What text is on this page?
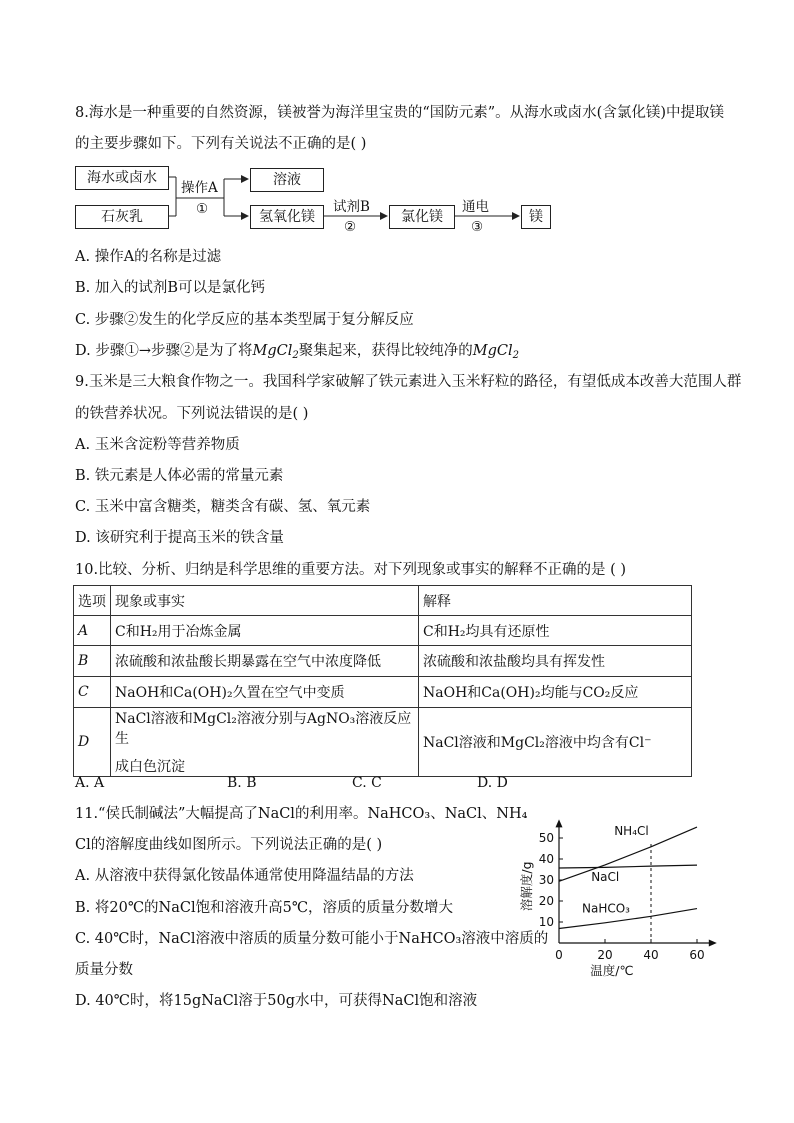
8.海水是一种重要的自然资源，镁被誉为海洋里宝贵的“国防元素”。从海水或卤水(含氯化镁)中提取镁
的主要步骤如下。下列有关说法不正确的是( )
海水或卤水
石灰乳
操作A
①
溶液
氢氧化镁
试剂B
②
氯化镁
通电
③
镁
A. 操作A的名称是过滤
B. 加入的试剂B可以是氯化钙
C. 步骤②发生的化学反应的基本类型属于复分解反应
D. 步骤①→步骤②是为了将MgCl$_2$聚集起来，获得比较纯净的MgCl$_2$
9.玉米是三大粮食作物之一。我国科学家破解了铁元素进入玉米籽粒的路径，有望低成本改善大范围人群
的铁营养状况。下列说法错误的是( )
A. 玉米含淀粉等营养物质
B. 铁元素是人体必需的常量元素
C. 玉米中富含糖类，糖类含有碳、氢、氧元素
D. 该研究利于提高玉米的铁含量
10.比较、分析、归纳是科学思维的重要方法。对下列现象或事实的解释不正确的是 ( )
选项	现象或事实	解释
A	C和H₂用于冶炼金属	C和H₂均具有还原性
B	浓硫酸和浓盐酸长期暴露在空气中浓度降低	浓硫酸和浓盐酸均具有挥发性
C	NaOH和Ca(OH)₂久置在空气中变质	NaOH和Ca(OH)₂均能与CO₂反应
D	NaCl溶液和MgCl₂溶液分别与AgNO₃溶液反应生
成白色沉淀	NaCl溶液和MgCl₂溶液中均含有Cl⁻
A. A	B. B	C. C	D. D
11.“侯氏制碱法”大幅提高了NaCl的利用率。NaHCO₃、NaCl、NH₄
Cl的溶解度曲线如图所示。下列说法正确的是( )
A. 从溶液中获得氯化铵晶体通常使用降温结晶的方法
B. 将20℃的NaCl饱和溶液升高5℃，溶质的质量分数增大
C. 40℃时，NaCl溶液中溶质的质量分数可能小于NaHCO₃溶液中溶质的
质量分数
D. 40℃时，将15gNaCl溶于50g水中，可获得NaCl饱和溶液
0	20	40	60
10
20
30
40
50
NH₄Cl
NaCl
NaHCO₃
温度/℃
溶解度/g
